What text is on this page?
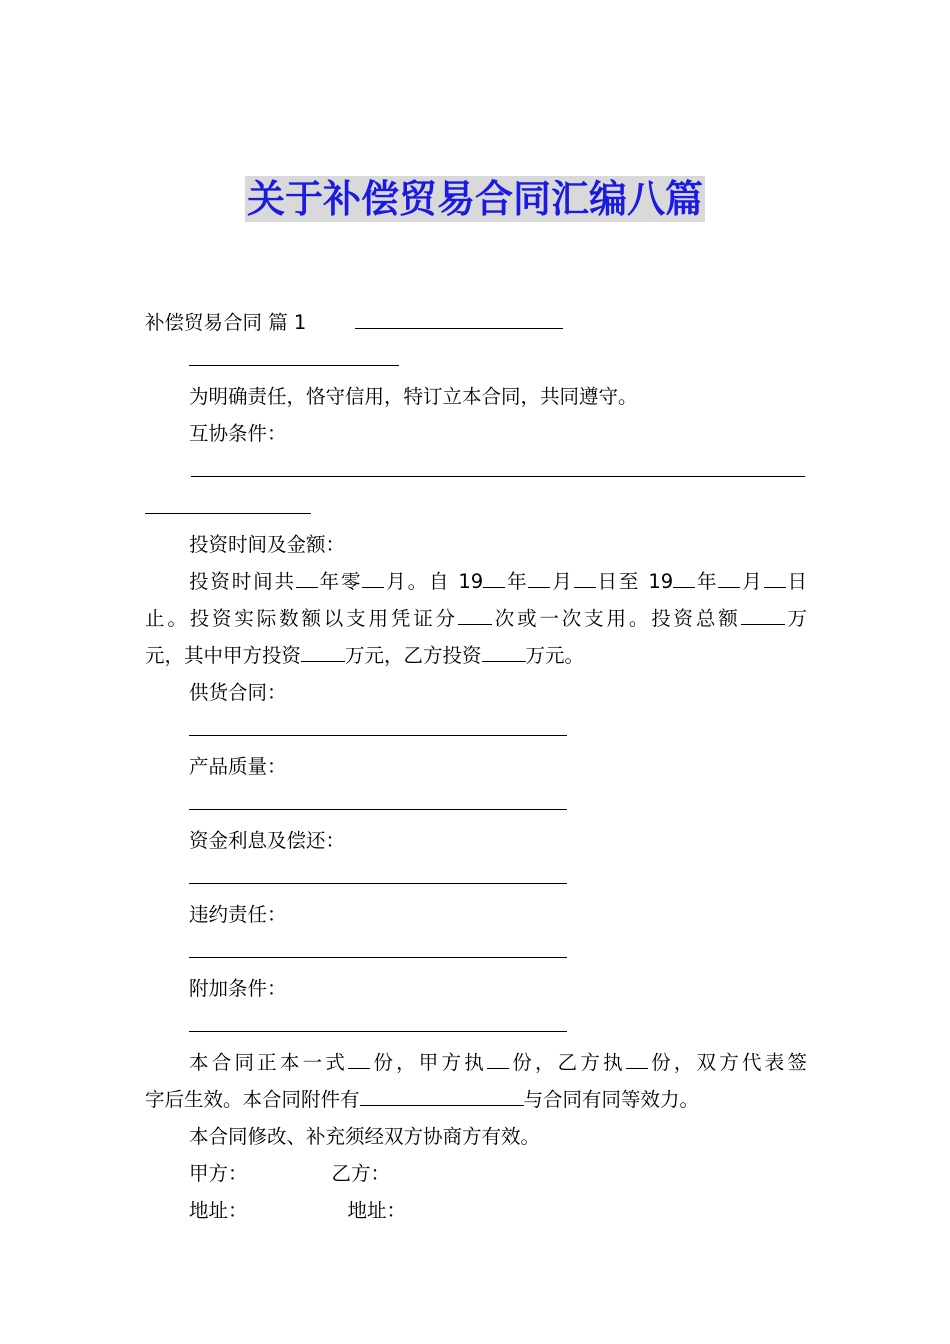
关于补偿贸易合同汇编八篇

补偿贸易合同 篇 1

为明确责任，恪守信用，特订立本合同，共同遵守。

互协条件：

投资时间及金额：

投资时间共 年零 月。自 19 年 月 日至 19 年 月 日

止。投资实际数额以支用凭证分 次或一次支用。投资总额 万

元，其中甲方投资 万元，乙方投资 万元。

供货合同：

产品质量：

资金利息及偿还：

违约责任：

附加条件：

本合同正本一式 份，甲方执 份，乙方执 份，双方代表签

字后生效。本合同附件有	与合同有同等效力。

本合同修改、补充须经双方协商方有效。

甲方：	乙方：

地址：	地址：
